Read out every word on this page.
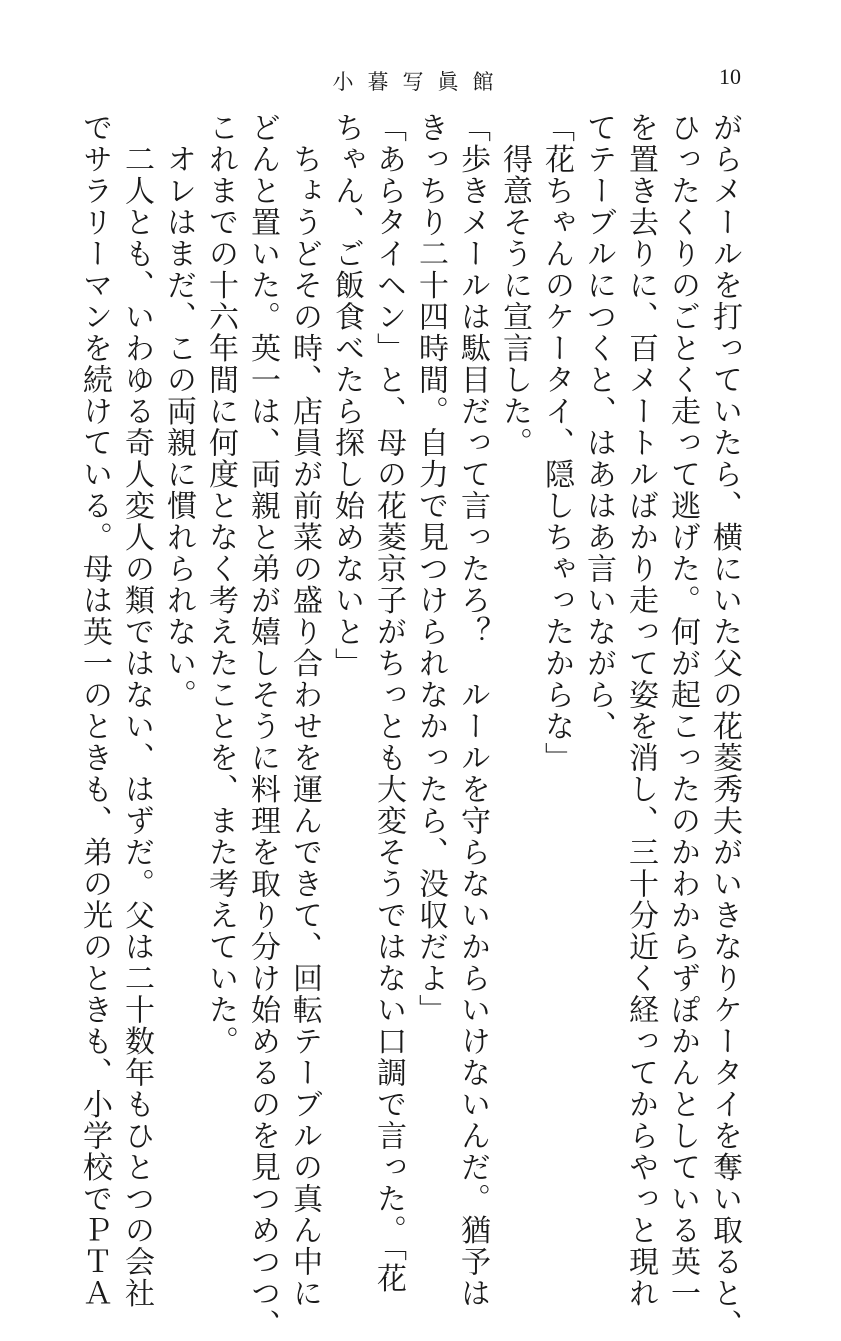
小暮写眞館	10
がらメールを打っていたら、横にいた父の花菱秀夫がいきなりケータイを奪い取ると、
ひったくりのごとく走って逃げた。何が起こったのかわからずぽかんとしている英一
を置き去りに、百メートルばかり走って姿を消し、三十分近く経ってからやっと現れ
てテーブルにつくと、はあはあ言いながら、
「花ちゃんのケータイ、隠しちゃったからな」
　得意そうに宣言した。
「歩きメールは駄目だって言ったろ？　ルールを守らないからいけないんだ。猶予は
きっちり二十四時間。自力で見つけられなかったら、没収だよ」
「あらタイヘン」と、母の花菱京子がちっとも大変そうではない口調で言った。「花
ちゃん、ご飯食べたら探し始めないと」
　ちょうどその時、店員が前菜の盛り合わせを運んできて、回転テーブルの真ん中に
どんと置いた。英一は、両親と弟が嬉しそうに料理を取り分け始めるのを見つめつつ、
これまでの十六年間に何度となく考えたことを、また考えていた。
　オレはまだ、この両親に慣れられない。
　二人とも、いわゆる奇人変人の類ではない、はずだ。父は二十数年もひとつの会社
でサラリーマンを続けている。母は英一のときも、弟の光のときも、小学校でＰＴＡ
